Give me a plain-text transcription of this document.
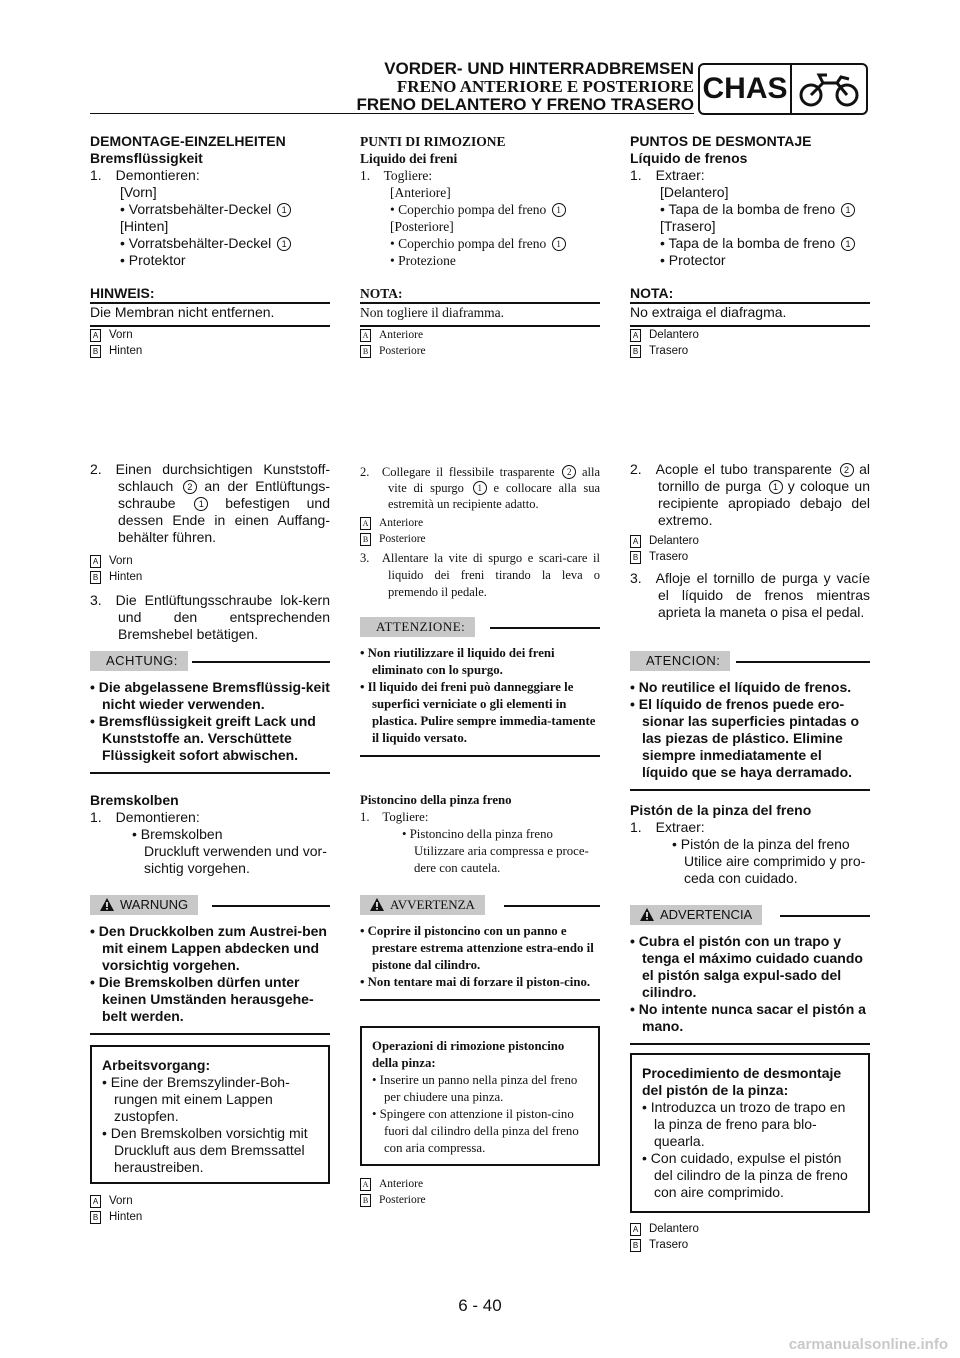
VORDER- UND HINTERRADBREMSEN
FRENO ANTERIORE E POSTERIORE
FRENO DELANTERO Y FRENO TRASERO CHAS

DEMONTAGE-EINZELHEITEN

Bremsflüssigkeit

1. Demontieren:

[Vorn]

• Vorratsbehälter-Deckel 1

[Hinten]

• Vorratsbehälter-Deckel 1

• Protektor

HINWEIS:
Die Membran nicht entfernen.

A Vorn

B Hinten

2. Einen durchsichtigen Kunststoff-schlauch 2 an der Entlüftungs-schraube	1 befestigen und dessen Ende in einen Auffang-behälter führen.

A Vorn

B Hinten

3. Die Entlüftungsschraube lok-kern und den entsprechenden Bremshebel betätigen.

ACHTUNG:

• Die abgelassene Bremsflüssig-keit nicht wieder verwenden.

• Bremsflüssigkeit greift Lack und Kunststoffe an. Verschüttete Flüssigkeit sofort abwischen.

Bremskolben

1. Demontieren:

• Bremskolben

Druckluft verwenden und vor-sichtig vorgehen.

WARNUNG

• Den Druckkolben zum Austrei-ben mit einem Lappen abdecken und vorsichtig vorgehen.

• Die Bremskolben dürfen unter keinen Umständen herausgehe-belt werden.

Arbeitsvorgang:

• Eine der Bremszylinder-Boh-rungen mit einem Lappen zustopfen.

• Den Bremskolben vorsichtig mit Druckluft aus dem Bremssattel heraustreiben.

A Vorn

B Hinten

PUNTI DI RIMOZIONE

Liquido dei freni

1. Togliere:

[Anteriore]

• Coperchio pompa del freno 1

[Posteriore]

• Coperchio pompa del freno 1

• Protezione

NOTA:
Non togliere il diaframma.

A Anteriore

B Posteriore

2. Collegare il flessibile trasparente 2 alla vite di spurgo 1 e collocare alla sua estremità un recipiente adatto.

A Anteriore

B Posteriore

3. Allentare la vite di spurgo e scari-care il liquido dei freni tirando la leva o premendo il pedale.

ATTENZIONE:

• Non riutilizzare il liquido dei freni eliminato con lo spurgo.

• Il liquido dei freni può danneggiare le superfici verniciate o gli elementi in plastica. Pulire sempre immedia-tamente il liquido versato.

Pistoncino della pinza freno

1. Togliere:

• Pistoncino della pinza freno

Utilizzare aria compressa e proce-dere con cautela.

AVVERTENZA

• Coprire il pistoncino con un panno e prestare estrema attenzione estra-endo il pistone dal cilindro.

• Non tentare mai di forzare il piston-cino.

Operazioni di rimozione pistoncino della pinza:

• Inserire un panno nella pinza del freno per chiudere una pinza.

• Spingere con attenzione il piston-cino fuori dal cilindro della pinza del freno con aria compressa.

A Anteriore

B Posteriore

PUNTOS DE DESMONTAJE

Líquido de frenos

1. Extraer:

[Delantero]

• Tapa de la bomba de freno 1

[Trasero]

• Tapa de la bomba de freno 1

• Protector

NOTA:
No extraiga el diafragma.

A Delantero

B Trasero

2. Acople el tubo transparente 2 al tornillo de purga 1 y coloque un recipiente apropiado debajo del extremo.

A Delantero

B Trasero

3. Afloje el tornillo de purga y vacíe el líquido de frenos mientras aprieta la maneta o pisa el pedal.

ATENCION:

• No reutilice el líquido de frenos.

• El líquido de frenos puede ero-sionar las superficies pintadas o las piezas de plástico. Elimine siempre inmediatamente el líquido que se haya derramado.

Pistón de la pinza del freno

1. Extraer:

• Pistón de la pinza del freno

Utilice aire comprimido y pro-ceda con cuidado.

ADVERTENCIA

• Cubra el pistón con un trapo y tenga el máximo cuidado cuando el pistón salga expul-sado del cilindro.

• No intente nunca sacar el pistón a mano.

Procedimiento de desmontaje del pistón de la pinza:

• Introduzca un trozo de trapo en la pinza de freno para blo-quearla.

• Con cuidado, expulse el pistón del cilindro de la pinza de freno con aire comprimido.

A Delantero

B Trasero

6 - 40
carmanualsonline.info
